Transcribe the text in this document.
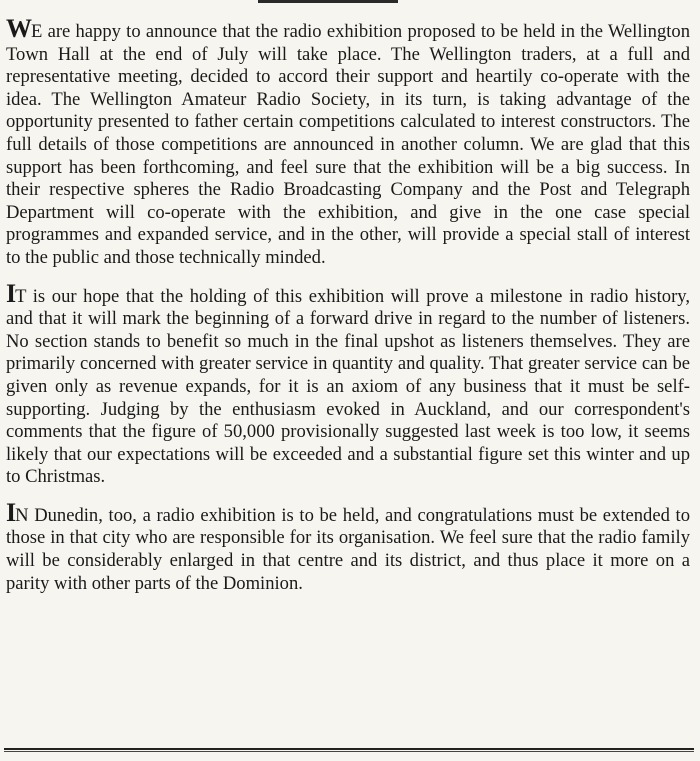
WE are happy to announce that the radio exhibition proposed to be held in the Wellington Town Hall at the end of July will take place. The Wellington traders, at a full and representative meeting, decided to accord their support and heartily co-operate with the idea. The Wellington Amateur Radio Society, in its turn, is taking advantage of the opportunity presented to father certain competitions calculated to interest constructors. The full details of those competitions are announced in another column. We are glad that this support has been forthcoming, and feel sure that the exhibition will be a big success. In their respective spheres the Radio Broadcasting Company and the Post and Telegraph Department will co-operate with the exhibition, and give in the one case special programmes and expanded service, and in the other, will provide a special stall of interest to the public and those technically minded.

IT is our hope that the holding of this exhibition will prove a milestone in radio history, and that it will mark the beginning of a forward drive in regard to the number of listeners. No section stands to benefit so much in the final upshot as listeners themselves. They are primarily concerned with greater service in quantity and quality. That greater service can be given only as revenue expands, for it is an axiom of any business that it must be self-supporting. Judging by the enthusiasm evoked in Auckland, and our correspondent's comments that the figure of 50,000 provisionally suggested last week is too low, it seems likely that our expectations will be exceeded and a substantial figure set this winter and up to Christmas.

IN Dunedin, too, a radio exhibition is to be held, and congratulations must be extended to those in that city who are responsible for its organisation. We feel sure that the radio family will be considerably enlarged in that centre and its district, and thus place it more on a parity with other parts of the Dominion.
